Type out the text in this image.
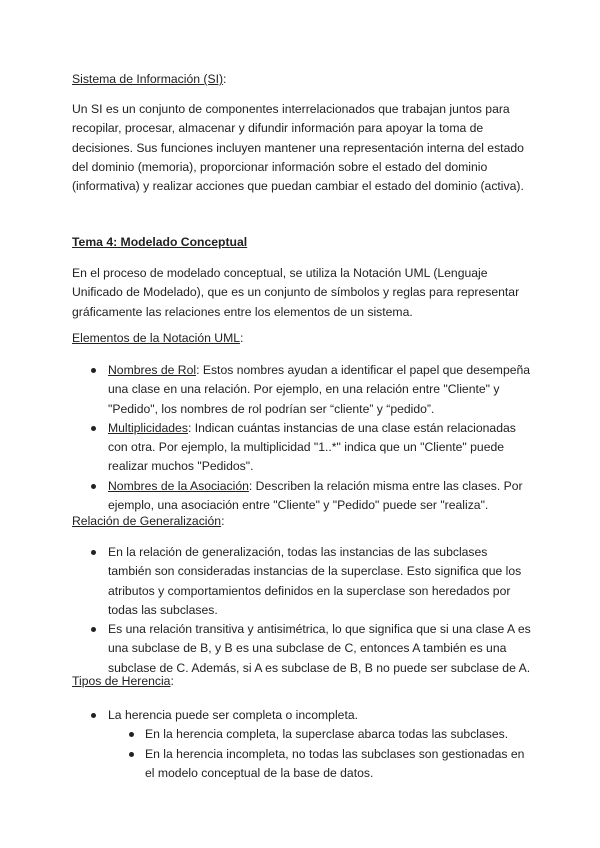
Sistema de Información (SI):
Un SI es un conjunto de componentes interrelacionados que trabajan juntos para
recopilar, procesar, almacenar y difundir información para apoyar la toma de
decisiones. Sus funciones incluyen mantener una representación interna del estado
del dominio (memoria), proporcionar información sobre el estado del dominio
(informativa) y realizar acciones que puedan cambiar el estado del dominio (activa).
Tema 4: Modelado Conceptual
En el proceso de modelado conceptual, se utiliza la Notación UML (Lenguaje
Unificado de Modelado), que es un conjunto de símbolos y reglas para representar
gráficamente las relaciones entre los elementos de un sistema.
Elementos de la Notación UML:
Nombres de Rol: Estos nombres ayudan a identificar el papel que desempeña
una clase en una relación. Por ejemplo, en una relación entre "Cliente" y
"Pedido", los nombres de rol podrían ser “cliente” y “pedido”.
Multiplicidades: Indican cuántas instancias de una clase están relacionadas
con otra. Por ejemplo, la multiplicidad "1..*" indica que un "Cliente" puede
realizar muchos "Pedidos".
Nombres de la Asociación: Describen la relación misma entre las clases. Por
ejemplo, una asociación entre "Cliente" y "Pedido" puede ser "realiza".
Relación de Generalización:
En la relación de generalización, todas las instancias de las subclases
también son consideradas instancias de la superclase. Esto significa que los
atributos y comportamientos definidos en la superclase son heredados por
todas las subclases.
Es una relación transitiva y antisimétrica, lo que significa que si una clase A es
una subclase de B, y B es una subclase de C, entonces A también es una
subclase de C. Además, si A es subclase de B, B no puede ser subclase de A.
Tipos de Herencia:
La herencia puede ser completa o incompleta.
En la herencia completa, la superclase abarca todas las subclases.
En la herencia incompleta, no todas las subclases son gestionadas en
el modelo conceptual de la base de datos.
